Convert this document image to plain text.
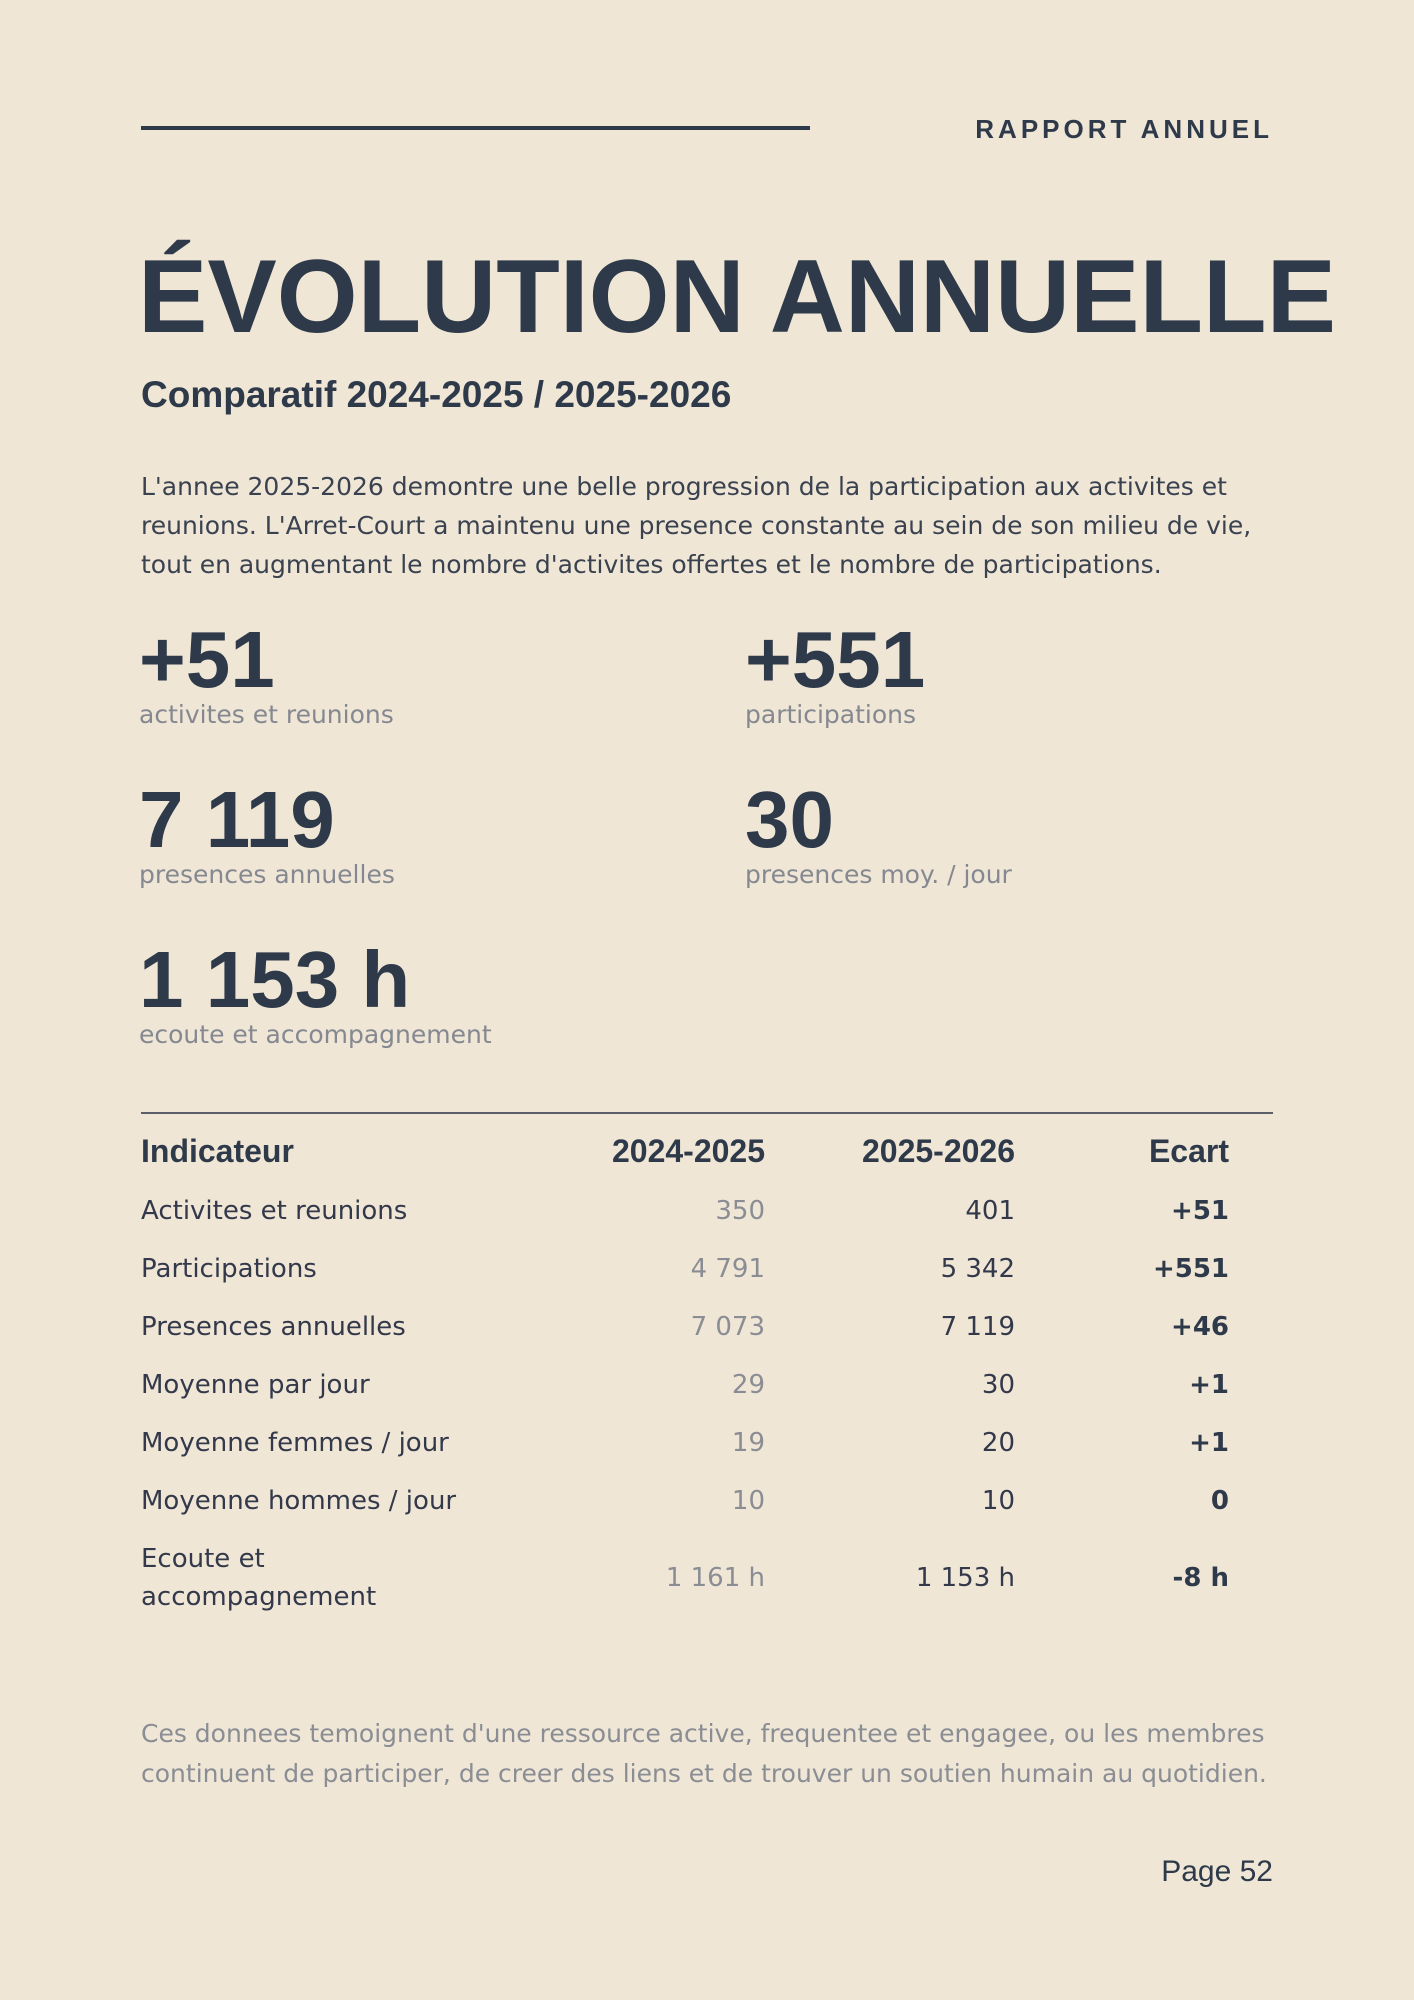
RAPPORT ANNUEL
ÉVOLUTION ANNUELLE
Comparatif 2024-2025 / 2025-2026

L'annee 2025-2026 demontre une belle progression de la participation aux activites et reunions. L'Arret-Court a maintenu une presence constante au sein de son milieu de vie, tout en augmentant le nombre d'activites offertes et le nombre de participations.

+51
activites et reunions
+551
participations
7 119
presences annuelles
30
presences moy. / jour
1 153 h
ecoute et accompagnement
Indicateur	2024-2025	2025-2026	Ecart
Activites et reunions	350	401	+51
Participations	4 791	5 342	+551
Presences annuelles	7 073	7 119	+46
Moyenne par jour	29	30	+1
Moyenne femmes / jour	19	20	+1
Moyenne hommes / jour	10	10	0
Ecoute et accompagnement	1 161 h	1 153 h	-8 h

Ces donnees temoignent d'une ressource active, frequentee et engagee, ou les membres continuent de participer, de creer des liens et de trouver un soutien humain au quotidien.

Page 52
